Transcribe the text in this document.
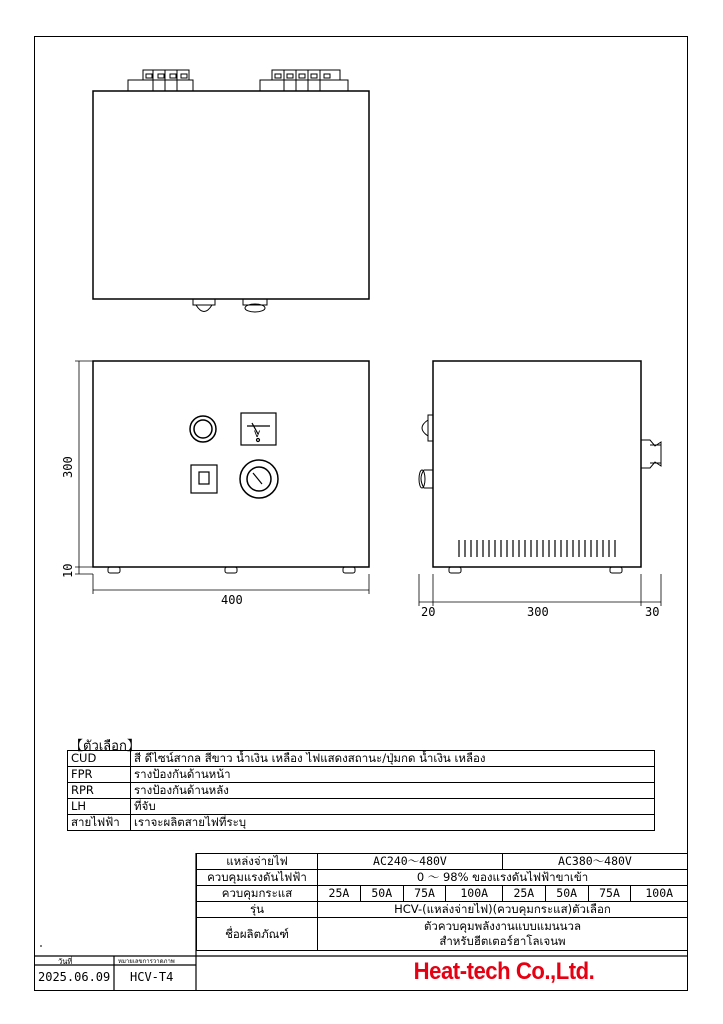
400
300
10
20	300	30
V
【ตัวเลือก】
CUD	สี ดีไซน์สากล สีขาว น้ำเงิน เหลือง ไฟแสดงสถานะ/ปุ่มกด น้ำเงิน เหลือง
FPR	รางป้องกันด้านหน้า
RPR	รางป้องกันด้านหลัง
LH	ที่จับ
สายไฟฟ้า	เราจะผลิตสายไฟที่ระบุ
แหล่งจ่ายไฟ	AC240～480V				AC380～480V			
ควบคุมแรงดันไฟฟ้า	0 ～ 98% ของแรงดันไฟฟ้าขาเข้า							
ควบคุมกระแส	25A	50A	75A	100A	25A	50A	75A	100A
รุ่น	HCV-(แหล่งจ่ายไฟ)(ควบคุมกระแส)ตัวเลือก							
ชื่อผลิตภัณฑ์	ตัวควบคุมพลังงานแบบแมนนวล
สำหรับฮีตเตอร์ฮาโลเจนพ							
วันที่	หมายเลขการวาดภาพ
2025.06.09 HCV-T4	Heat-tech Co.,Ltd.
